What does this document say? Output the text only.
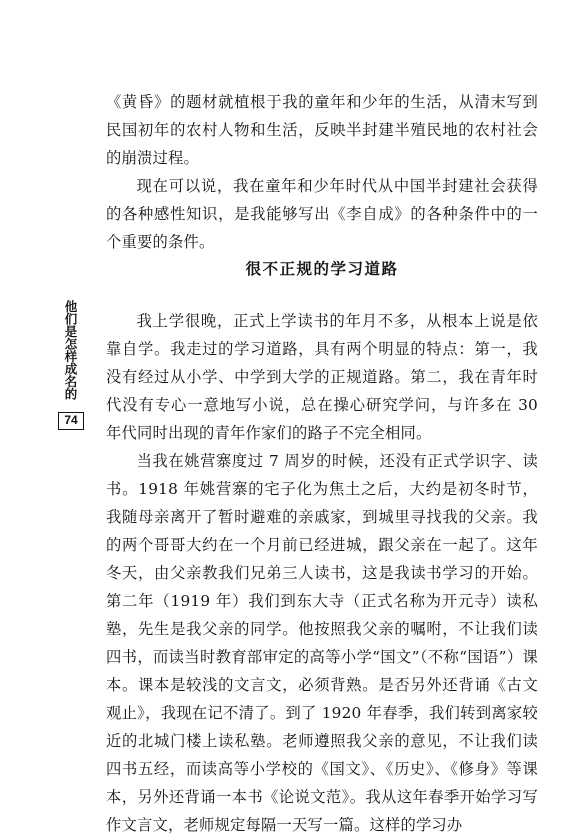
《黄昏》的题材就植根于我的童年和少年的生活，从清末写到民国初年的农村人物和生活，反映半封建半殖民地的农村社会的崩溃过程。

现在可以说，我在童年和少年时代从中国半封建社会获得的各种感性知识，是我能够写出《李自成》的各种条件中的一个重要的条件。

很不正规的学习道路

我上学很晚，正式上学读书的年月不多，从根本上说是依靠自学。我走过的学习道路，具有两个明显的特点：第一，我没有经过从小学、中学到大学的正规道路。第二，我在青年时代没有专心一意地写小说，总在操心研究学问，与许多在 30 年代同时出现的青年作家们的路子不完全相同。

当我在姚营寨度过 7 周岁的时候，还没有正式学识字、读书。1918 年姚营寨的宅子化为焦土之后，大约是初冬时节，我随母亲离开了暂时避难的亲戚家，到城里寻找我的父亲。我的两个哥哥大约在一个月前已经进城，跟父亲在一起了。这年冬天，由父亲教我们兄弟三人读书，这是我读书学习的开始。第二年（1919 年）我们到东大寺（正式名称为开元寺）读私塾，先生是我父亲的同学。他按照我父亲的嘱咐，不让我们读四书，而读当时教育部审定的高等小学“国文”（不称“国语”）课本。课本是较浅的文言文，必须背熟。是否另外还背诵《古文观止》，我现在记不清了。到了 1920 年春季，我们转到离家较近的北城门楼上读私塾。老师遵照我父亲的意见，不让我们读四书五经，而读高等小学校的《国文》、《历史》、《修身》等课本，另外还背诵一本书《论说文范》。我从这年春季开始学习写作文言文，老师规定每隔一天写一篇。这样的学习办

他们是怎样成名的
74
